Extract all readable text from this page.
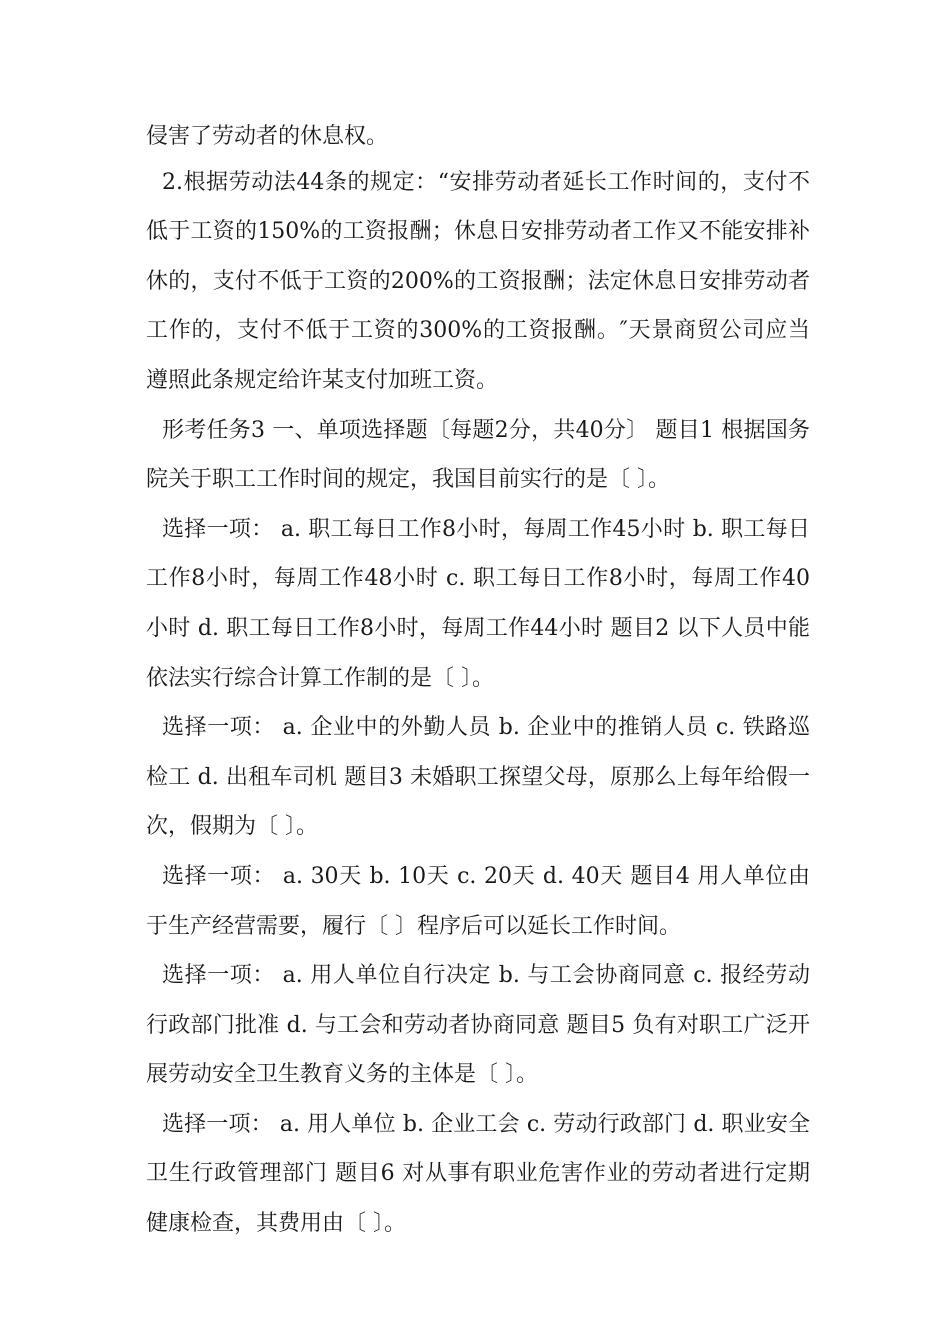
侵害了劳动者的休息权。

2.根据劳动法44条的规定：“安排劳动者延长工作时间的，支付不低于工资的150%的工资报酬；休息日安排劳动者工作又不能安排补休的，支付不低于工资的200%的工资报酬；法定休息日安排劳动者工作的，支付不低于工资的300%的工资报酬。″天景商贸公司应当遵照此条规定给许某支付加班工资。

形考任务3 一、单项选择题〔每题2分，共40分〕 题目1 根据国务院关于职工工作时间的规定，我国目前实行的是〔 〕。

选择一项： a. 职工每日工作8小时，每周工作45小时 b. 职工每日工作8小时，每周工作48小时 c. 职工每日工作8小时，每周工作40小时 d. 职工每日工作8小时，每周工作44小时 题目2 以下人员中能依法实行综合计算工作制的是〔 〕。

选择一项： a. 企业中的外勤人员 b. 企业中的推销人员 c. 铁路巡检工 d. 出租车司机 题目3 未婚职工探望父母，原那么上每年给假一次，假期为〔 〕。

选择一项： a. 30天 b. 10天 c. 20天 d. 40天 题目4 用人单位由于生产经营需要，履行〔 〕程序后可以延长工作时间。

选择一项： a. 用人单位自行决定 b. 与工会协商同意 c. 报经劳动行政部门批准 d. 与工会和劳动者协商同意 题目5 负有对职工广泛开展劳动安全卫生教育义务的主体是〔 〕。

选择一项： a. 用人单位 b. 企业工会 c. 劳动行政部门 d. 职业安全卫生行政管理部门 题目6 对从事有职业危害作业的劳动者进行定期健康检查，其费用由〔 〕。
